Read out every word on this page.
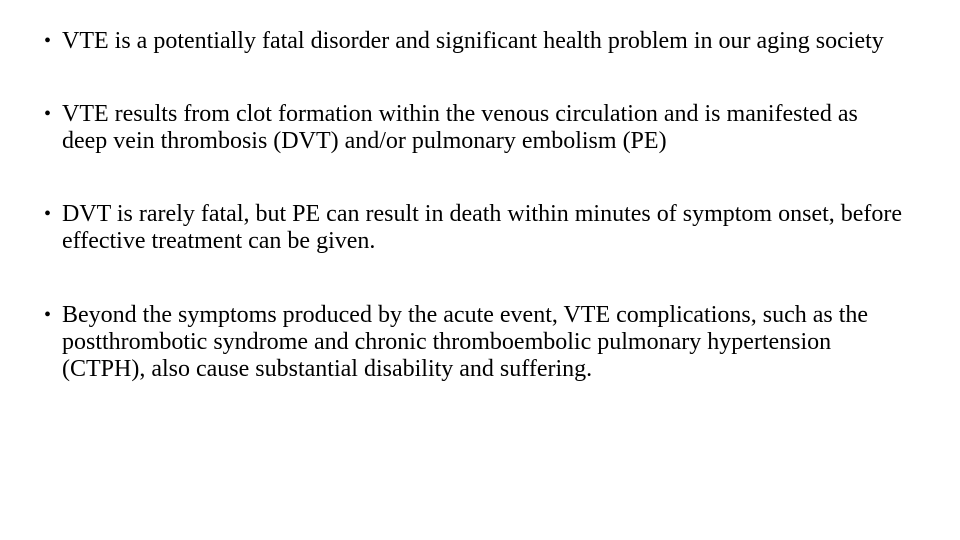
• VTE is a potentially fatal disorder and significant health problem in our aging society
• VTE results from clot formation within the venous circulation and is manifested as deep vein thrombosis (DVT) and/or pulmonary embolism (PE)
• DVT is rarely fatal, but PE can result in death within minutes of symptom onset, before effective treatment can be given.
• Beyond the symptoms produced by the acute event, VTE complications, such as the postthrombotic syndrome and chronic thromboembolic pulmonary hypertension (CTPH), also cause substantial disability and suffering.
